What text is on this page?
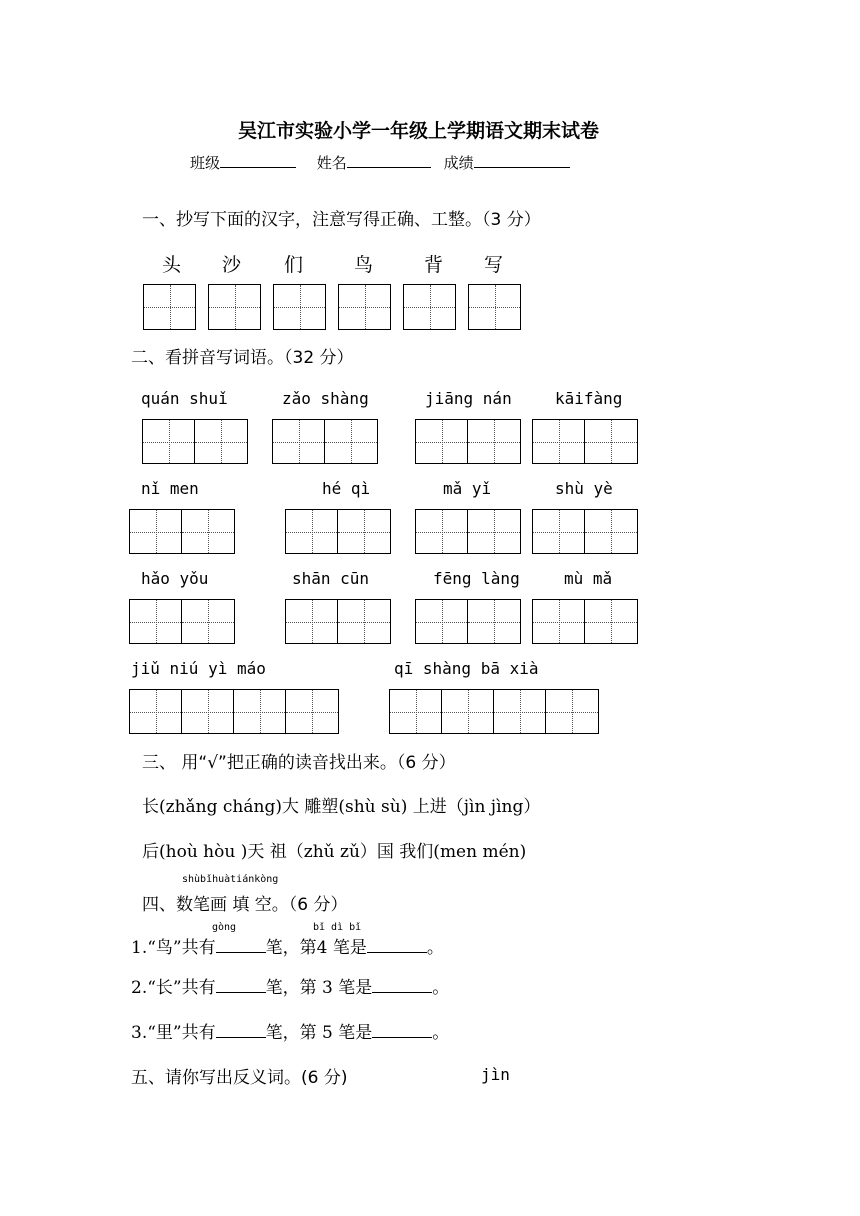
吴江市实验小学一年级上学期语文期末试卷
班级	姓名	成绩
一、抄写下面的汉字，注意写得正确、工整。（3 分）
头 沙 们	鸟	背 写
二、看拼音写词语。（32 分）
quán shuǐ	zǎo shàng	jiāng nán	kāifàng
nǐ men	hé qì	mǎ yǐ	shù yè
hǎo yǒu	shān cūn	fēng làng	mù mǎ
jiǔ niú yì máo	qī shàng bā xià
三、 用“√”把正确的读音找出来。（6 分）
长(zhǎng cháng)大 雕塑(shù sù) 上进（jìn jìng）
后(hoù hòu )天 祖（zhǔ zǔ）国 我们(men mén)
shùbǐhuàtiánkòng
四、数笔画 填 空。（6 分）
gòng	bǐ dì bǐ
1.“鸟”共有	笔，第4 笔是	。
2.“长”共有	笔，第 3 笔是	。
3.“里”共有	笔，第 5 笔是	。
五、请你写出反义词。(6 分)	jìn
